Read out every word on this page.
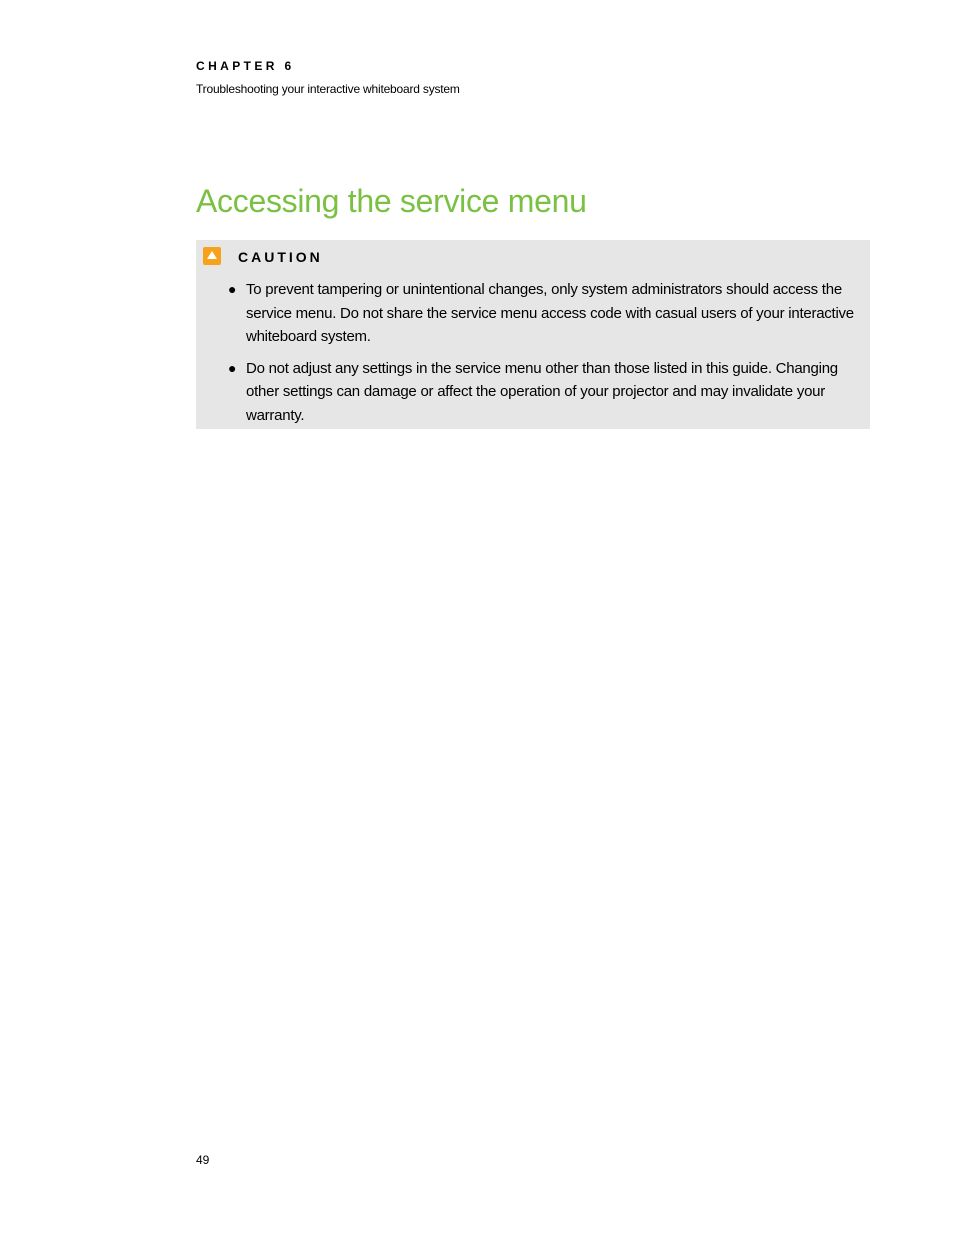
CHAPTER 6
Troubleshooting your interactive whiteboard system
Accessing the service menu
CAUTION
● To prevent tampering or unintentional changes, only system administrators should access the service menu. Do not share the service menu access code with casual users of your interactive whiteboard system.
● Do not adjust any settings in the service menu other than those listed in this guide. Changing other settings can damage or affect the operation of your projector and may invalidate your warranty.
49
